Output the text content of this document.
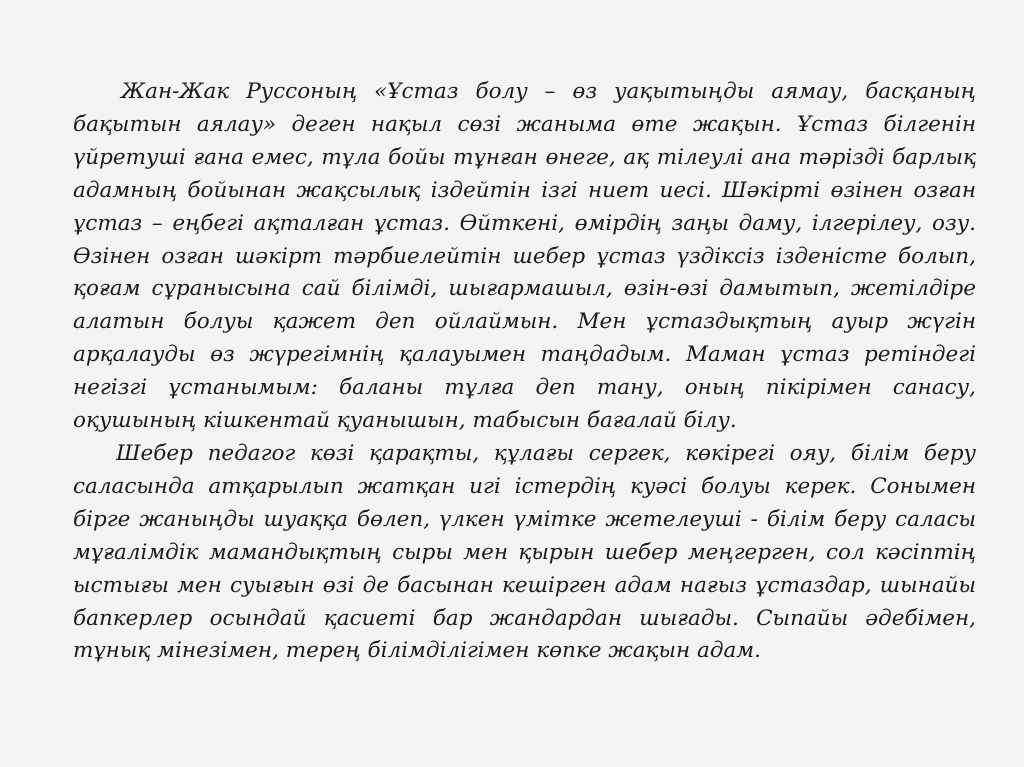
Жан-Жак Руссоның «Ұстаз болу – өз уақытыңды аямау, басқаның бақытын аялау» деген нақыл сөзі жаныма өте жақын. Ұстаз білгенін үйретуші ғана емес, тұла бойы тұнған өнеге, ақ тілеулі ана тәрізді барлық адамның бойынан жақсылық іздейтін ізгі ниет иесі. Шәкірті өзінен озған ұстаз – еңбегі ақталған ұстаз. Өйткені, өмірдің заңы даму, ілгерілеу, озу. Өзінен озған шәкірт тәрбиелейтін шебер ұстаз үздіксіз ізденісте болып, қоғам сұранысына сай білімді, шығармашыл, өзін-өзі дамытып, жетілдіре алатын болуы қажет деп ойлаймын. Мен ұстаздықтың ауыр жүгін арқалауды өз жүрегімнің қалауымен таңдадым. Маман ұстаз ретіндегі негізгі ұстанымым: баланы тұлға деп тану, оның пікірімен санасу, оқушының кішкентай қуанышын, табысын бағалай білу.

Шебер педагог көзі қарақты, құлағы сергек, көкірегі ояу, білім беру саласында атқарылып жатқан игі істердің куәсі болуы керек. Сонымен бірге жаныңды шуаққа бөлеп, үлкен үмітке жетелеуші - білім беру саласы мұғалімдік мамандықтың сыры мен қырын шебер меңгерген, сол кәсіптің ыстығы мен суығын өзі де басынан кешірген адам нағыз ұстаздар, шынайы бапкерлер осындай қасиеті бар жандардан шығады. Сыпайы әдебімен, тұнық мінезімен, терең білімділігімен көпке жақын адам.
